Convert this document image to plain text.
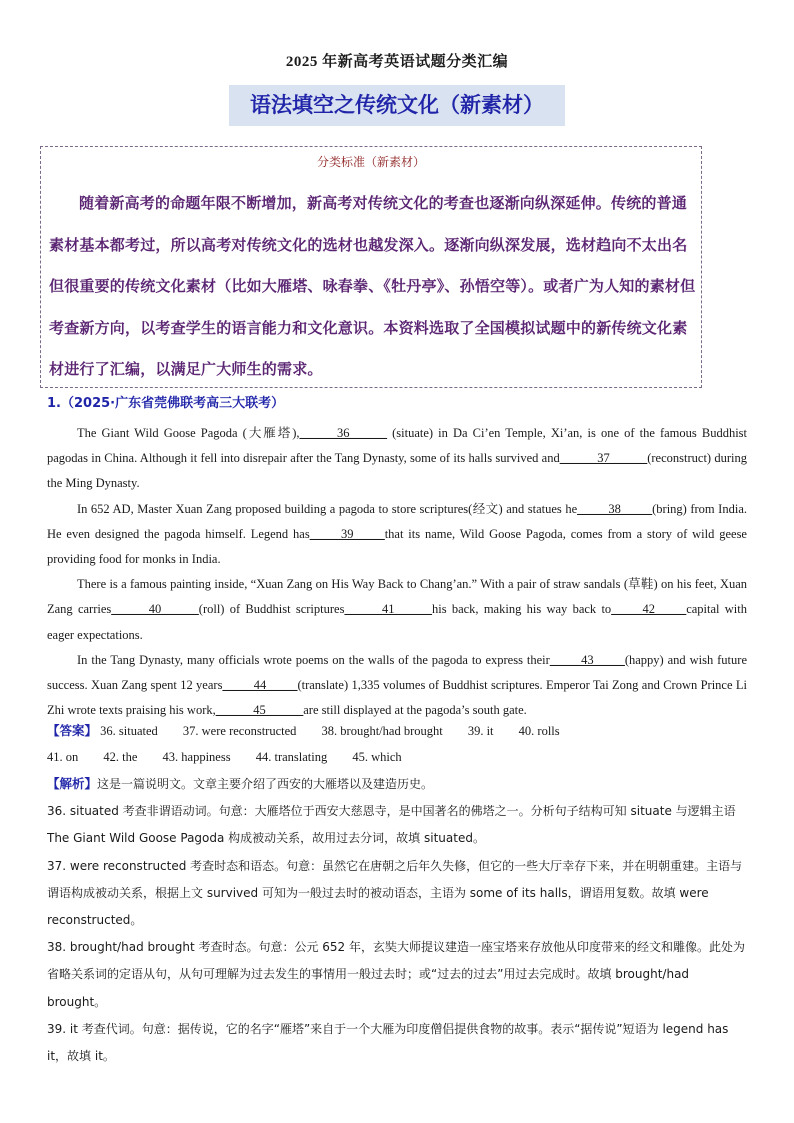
2025 年新高考英语试题分类汇编
语法填空之传统文化（新素材）
分类标准（新素材）
随着新高考的命题年限不断增加，新高考对传统文化的考查也逐渐向纵深延伸。传统的普通素材基本都考过，所以高考对传统文化的选材也越发深入。逐渐向纵深发展，选材趋向不太出名但很重要的传统文化素材（比如大雁塔、咏春拳、《牡丹亭》、孙悟空等）。或者广为人知的素材但考查新方向，以考查学生的语言能力和文化意识。本资料选取了全国模拟试题中的新传统文化素材进行了汇编，以满足广大师生的需求。
1.（2025·广东省莞佛联考高三大联考）

The Giant Wild Goose Pagoda (大雁塔),______36______ (situate) in Da Ci’en Temple, Xi’an, is one of the famous Buddhist pagodas in China. Although it fell into disrepair after the Tang Dynasty, some of its halls survived and______37______(reconstruct) during the Ming Dynasty.

In 652 AD, Master Xuan Zang proposed building a pagoda to store scriptures(经文) and statues he_____38_____(bring) from India. He even designed the pagoda himself. Legend has_____39_____that its name, Wild Goose Pagoda, comes from a story of wild geese providing food for monks in India.

There is a famous painting inside, “Xuan Zang on His Way Back to Chang’an.” With a pair of straw sandals (草鞋) on his feet, Xuan Zang carries______40______(roll) of Buddhist scriptures______41______his back, making his way back to_____42_____capital with eager expectations.

In the Tang Dynasty, many officials wrote poems on the walls of the pagoda to express their_____43_____(happy) and wish future success. Xuan Zang spent 12 years_____44_____(translate) 1,335 volumes of Buddhist scriptures. Emperor Tai Zong and Crown Prince Li Zhi wrote texts praising his work,______45______are still displayed at the pagoda’s south gate.

【答案】 36. situated 37. were reconstructed 38. brought/had brought 39. it 40. rolls
41. on 42. the 43. happiness 44. translating 45. which

【解析】这是一篇说明文。文章主要介绍了西安的大雁塔以及建造历史。

36. situated 考查非谓语动词。句意：大雁塔位于西安大慈恩寺，是中国著名的佛塔之一。分析句子结构可知 situate 与逻辑主语 The Giant Wild Goose Pagoda 构成被动关系，故用过去分词，故填 situated。

37. were reconstructed 考查时态和语态。句意：虽然它在唐朝之后年久失修，但它的一些大厅幸存下来，并在明朝重建。主语与谓语构成被动关系，根据上文 survived 可知为一般过去时的被动语态，主语为 some of its halls，谓语用复数。故填 were reconstructed。

38. brought/had brought 考查时态。句意：公元 652 年，玄奘大师提议建造一座宝塔来存放他从印度带来的经文和雕像。此处为省略关系词的定语从句，从句可理解为过去发生的事情用一般过去时；或“过去的过去”用过去完成时。故填 brought/had brought。

39. it 考查代词。句意：据传说，它的名字“雁塔”来自于一个大雁为印度僧侣提供食物的故事。表示“据传说”短语为 legend has it，故填 it。
